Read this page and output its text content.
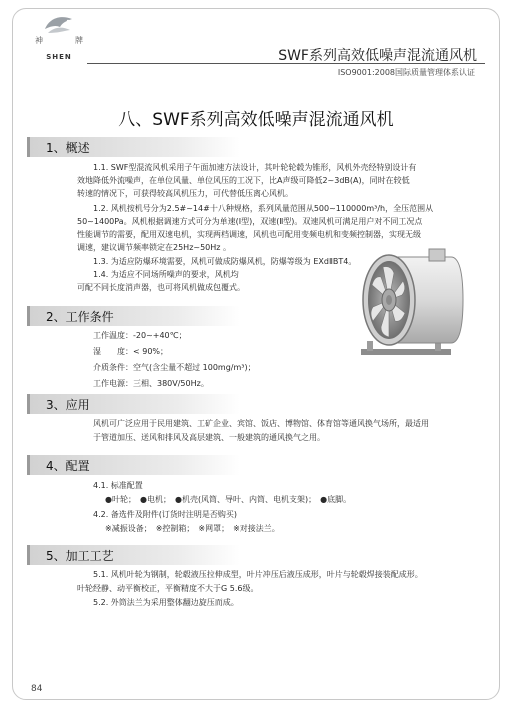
神	牌
SHEN	SWF系列高效低噪声混流通风机
ISO9001:2008国际质量管理体系认证
八、SWF系列高效低噪声混流通风机
1、概述
1.1. SWF型混流风机采用子午面加速方法设计，其叶轮轮毂为锥形，风机外壳经特别设计有
效地降低外流噪声，在单位风量、单位风压的工况下，比A声级可降低2~3dB(A)，同时在较低
转速的情况下，可获得较高风机压力，可代替低压离心风机。
1.2. 风机按机号分为2.5#~14#十八种规格，系列风量范围从500~110000m³/h，全压范围从
50~1400Pa。风机根据调速方式可分为单速(Ⅰ型)，双速(Ⅱ型)。双速风机可满足用户对不同工况点
性能调节的需要，配用双速电机，实现两档调速，风机也可配用变频电机和变频控制器，实现无级
调速，建议调节频率锁定在25Hz~50Hz 。
1.3. 为适应防爆环境需要，风机可做成防爆风机，防爆等级为 EXdⅡBT4。
1.4. 为适应不同场所噪声的要求，风机均
可配不同长度消声器，也可将风机做成包覆式。
2、工作条件
工作温度：-20~+40℃；
湿　　度：< 90%；
介质条件：空气(含尘量不超过 100mg/m³)；
工作电源：三相、380V/50Hz。
3、应用
风机可广泛应用于民用建筑、工矿企业、宾馆、饭店、博物馆、体育馆等通风换气场所，最适用
于管道加压、送风和排风及高层建筑、一般建筑的通风换气之用。
4、配置
4.1. 标准配置
●叶轮；　●电机；　●机壳(风筒、导叶、内筒、电机支架)；　●底脚。
4.2. 备选件及附件(订货时注明是否购买)
※减振设备；　※控制箱；　※网罩；　※对接法兰。
5、加工工艺
5.1. 风机叶轮为钢制，轮毂液压拉伸成型，叶片冲压后液压成形，叶片与轮毂焊接装配成形。
叶轮经静、动平衡校正，平衡精度不大于G 5.6级。
5.2. 外筒法兰为采用整体翻边旋压而成。
84
